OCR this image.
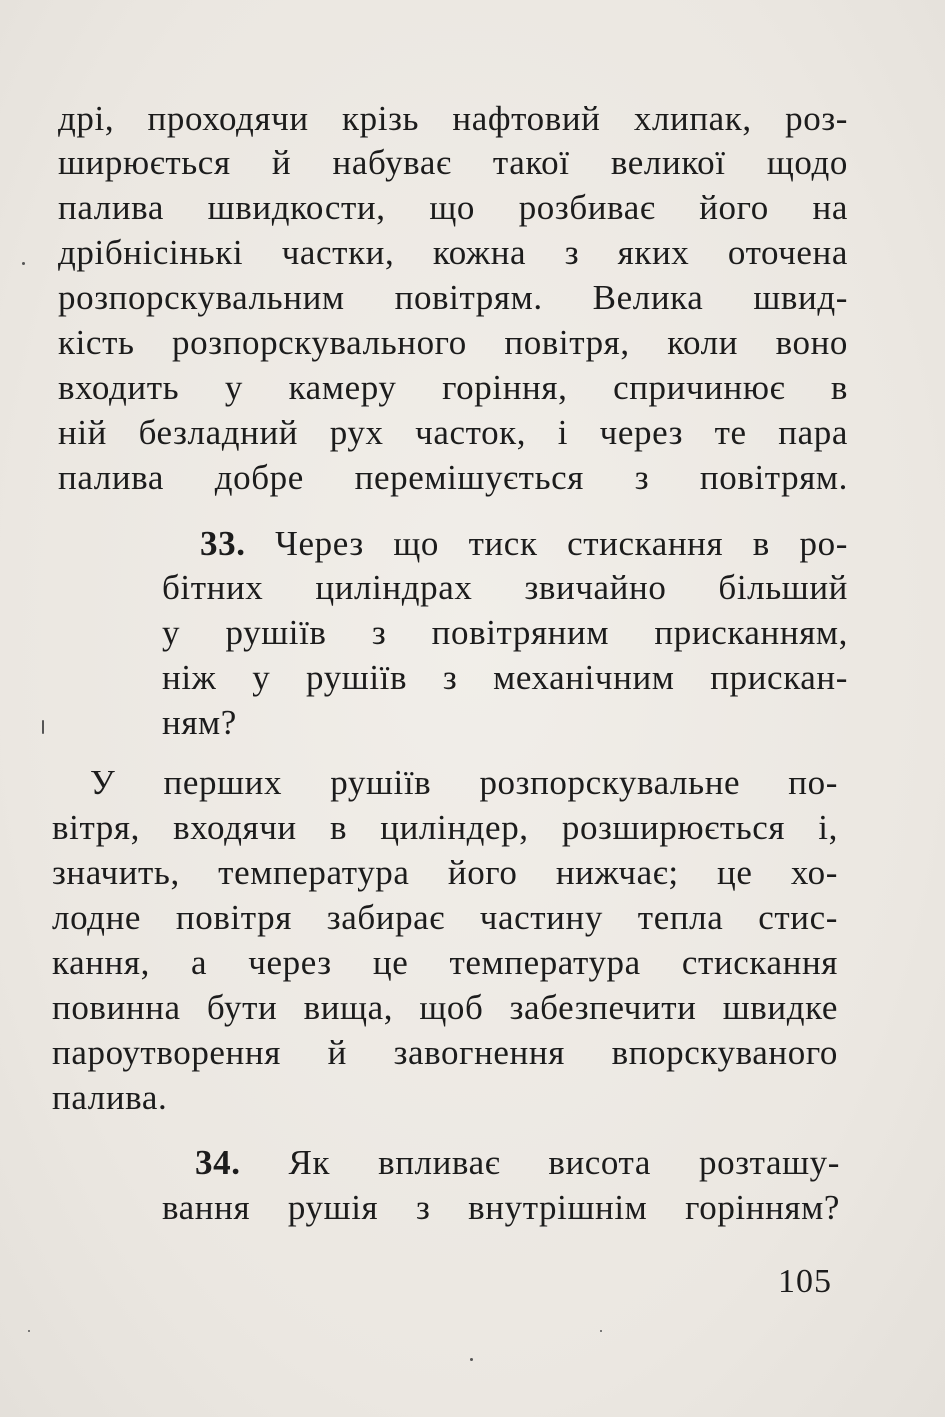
дрі, проходячи крізь нафтовий хлипак, роз-
ширюється й набуває такої великої щодо
палива швидкости, що розбиває його на
дрібнісінькі частки, кожна з яких оточена
розпорскувальним повітрям. Велика швид-
кість розпорскувального повітря, коли воно
входить у камеру горіння, спричинює в
ній безладний рух часток, і через те пара
палива добре перемішується з повітрям.
33. Через що тиск стискання в ро-
бітних циліндрах звичайно більший
у рушіїв з повітряним присканням,
ніж у рушіїв з механічним прискан-
ням?
У перших рушіїв розпорскувальне по-
вітря, входячи в циліндер, розширюється і,
значить, температура його нижчає; це хо-
лодне повітря забирає частину тепла стис-
кання, а через це температура стискання
повинна бути вища, щоб забезпечити швидке
пароутворення й завогнення впорскуваного
палива.
34. Як впливає висота розташу-
вання рушія з внутрішнім горінням?
105
